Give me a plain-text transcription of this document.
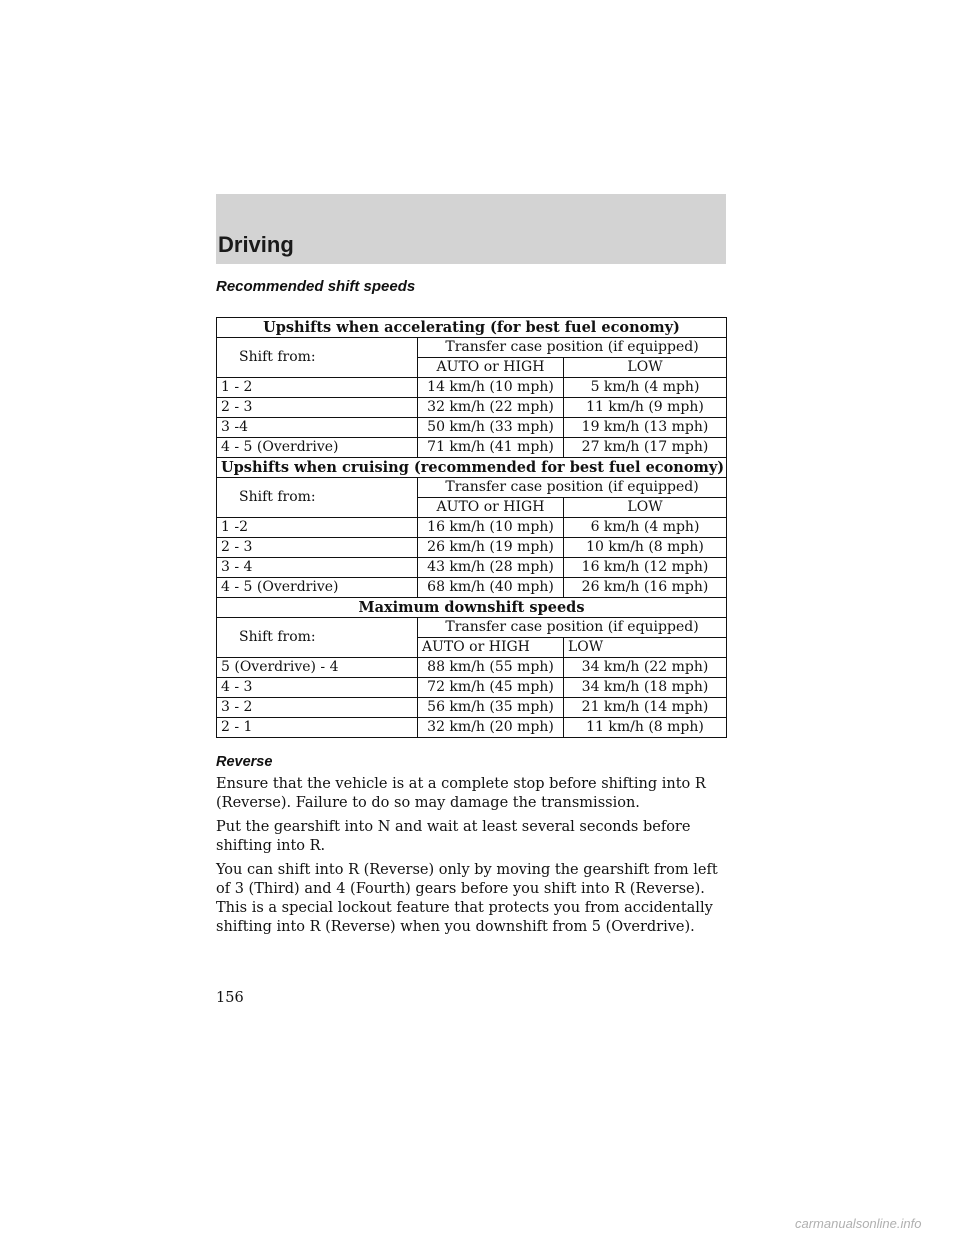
Driving
Recommended shift speeds
Upshifts when accelerating (for best fuel economy)		
Shift from:	Transfer case position (if equipped)	
	AUTO or HIGH	LOW
1 - 2	14 km/h (10 mph)	5 km/h (4 mph)
2 - 3	32 km/h (22 mph)	11 km/h (9 mph)
3 -4	50 km/h (33 mph)	19 km/h (13 mph)
4 - 5 (Overdrive)	71 km/h (41 mph)	27 km/h (17 mph)
Upshifts when cruising (recommended for best fuel economy)		
Shift from:	Transfer case position (if equipped)	
	AUTO or HIGH	LOW
1 -2	16 km/h (10 mph)	6 km/h (4 mph)
2 - 3	26 km/h (19 mph)	10 km/h (8 mph)
3 - 4	43 km/h (28 mph)	16 km/h (12 mph)
4 - 5 (Overdrive)	68 km/h (40 mph)	26 km/h (16 mph)
Maximum downshift speeds		
Shift from:	Transfer case position (if equipped)	
	AUTO or HIGH	LOW
5 (Overdrive) - 4	88 km/h (55 mph)	34 km/h (22 mph)
4 - 3	72 km/h (45 mph)	34 km/h (18 mph)
3 - 2	56 km/h (35 mph)	21 km/h (14 mph)
2 - 1	32 km/h (20 mph)	11 km/h (8 mph)
Reverse

Ensure that the vehicle is at a complete stop before shifting into R (Reverse). Failure to do so may damage the transmission.

Put the gearshift into N and wait at least several seconds before shifting into R.

You can shift into R (Reverse) only by moving the gearshift from left of 3 (Third) and 4 (Fourth) gears before you shift into R (Reverse). This is a special lockout feature that protects you from accidentally shifting into R (Reverse) when you downshift from 5 (Overdrive).

156
carmanualsonline.info
